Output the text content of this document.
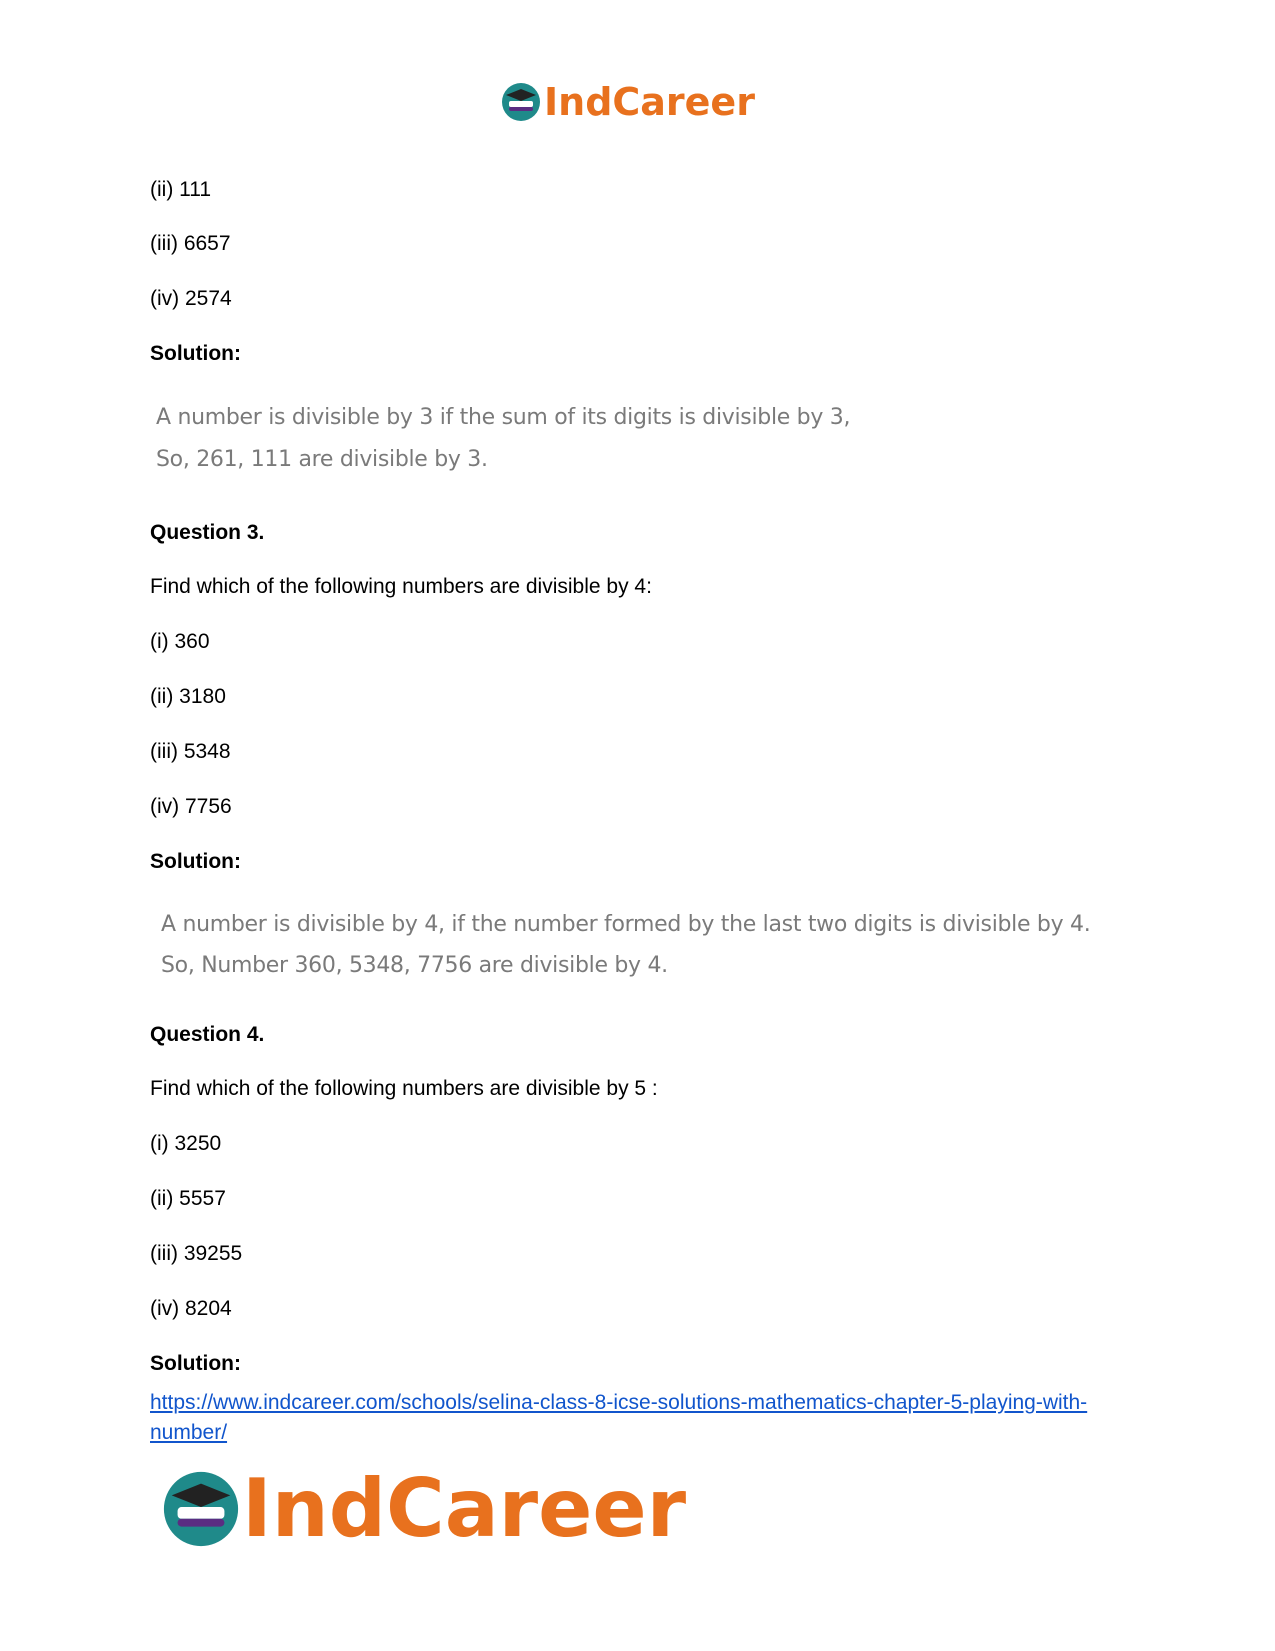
IndCareer
(ii) 111
(iii) 6657
(iv) 2574
Solution:
A number is divisible by 3 if the sum of its digits is divisible by 3,
So, 261, 111 are divisible by 3.
Question 3.
Find which of the following numbers are divisible by 4:
(i) 360
(ii) 3180
(iii) 5348
(iv) 7756
Solution:
A number is divisible by 4, if the number formed by the last two digits is divisible by 4.
So, Number 360, 5348, 7756 are divisible by 4.
Question 4.
Find which of the following numbers are divisible by 5 :
(i) 3250
(ii) 5557
(iii) 39255
(iv) 8204
Solution:
https://www.indcareer.com/schools/selina-class-8-icse-solutions-mathematics-chapter-5-playing-with-number/
IndCareer
